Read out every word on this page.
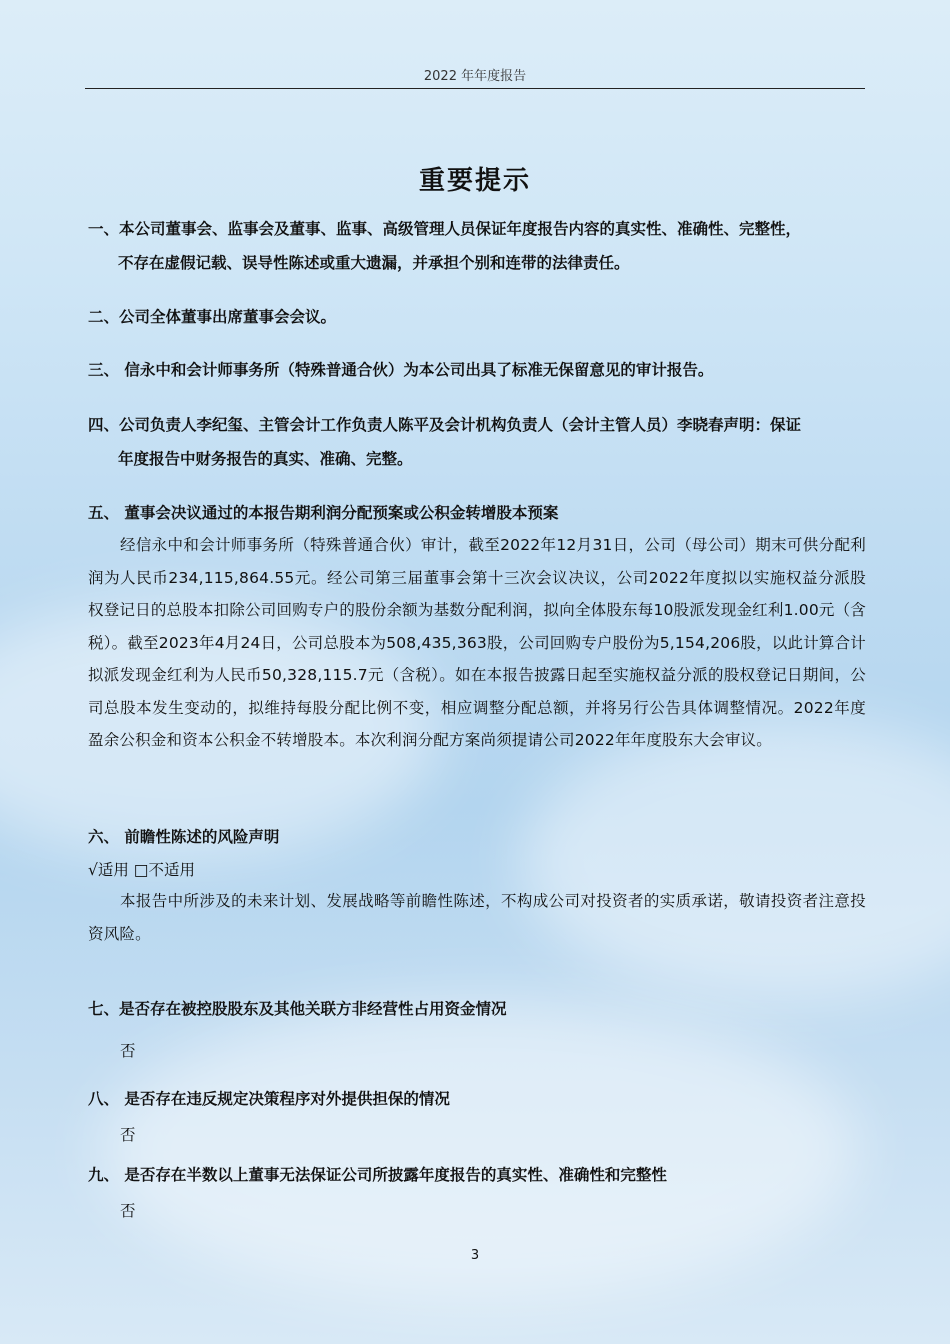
2022 年年度报告
重要提示
一、本公司董事会、监事会及董事、监事、高级管理人员保证年度报告内容的真实性、准确性、完整性，
不存在虚假记载、误导性陈述或重大遗漏，并承担个别和连带的法律责任。
二、公司全体董事出席董事会会议。
三、 信永中和会计师事务所（特殊普通合伙）为本公司出具了标准无保留意见的审计报告。
四、公司负责人李纪玺、主管会计工作负责人陈平及会计机构负责人（会计主管人员）李晓春声明：保证
年度报告中财务报告的真实、准确、完整。
五、 董事会决议通过的本报告期利润分配预案或公积金转增股本预案
经信永中和会计师事务所（特殊普通合伙）审计，截至2022年12月31日，公司（母公司）期末可供分配利润为人民币234,115,864.55元。经公司第三届董事会第十三次会议决议，公司2022年度拟以实施权益分派股权登记日的总股本扣除公司回购专户的股份余额为基数分配利润，拟向全体股东每10股派发现金红利1.00元（含税）。截至2023年4月24日，公司总股本为508,435,363股，公司回购专户股份为5,154,206股，以此计算合计拟派发现金红利为人民币50,328,115.7元（含税）。如在本报告披露日起至实施权益分派的股权登记日期间，公司总股本发生变动的，拟维持每股分配比例不变，相应调整分配总额，并将另行公告具体调整情况。2022年度盈余公积金和资本公积金不转增股本。本次利润分配方案尚须提请公司2022年年度股东大会审议。
六、 前瞻性陈述的风险声明
√适用 □不适用
本报告中所涉及的未来计划、发展战略等前瞻性陈述，不构成公司对投资者的实质承诺，敬请投资者注意投资风险。
七、是否存在被控股股东及其他关联方非经营性占用资金情况
否
八、 是否存在违反规定决策程序对外提供担保的情况
否
九、 是否存在半数以上董事无法保证公司所披露年度报告的真实性、准确性和完整性
否
3
